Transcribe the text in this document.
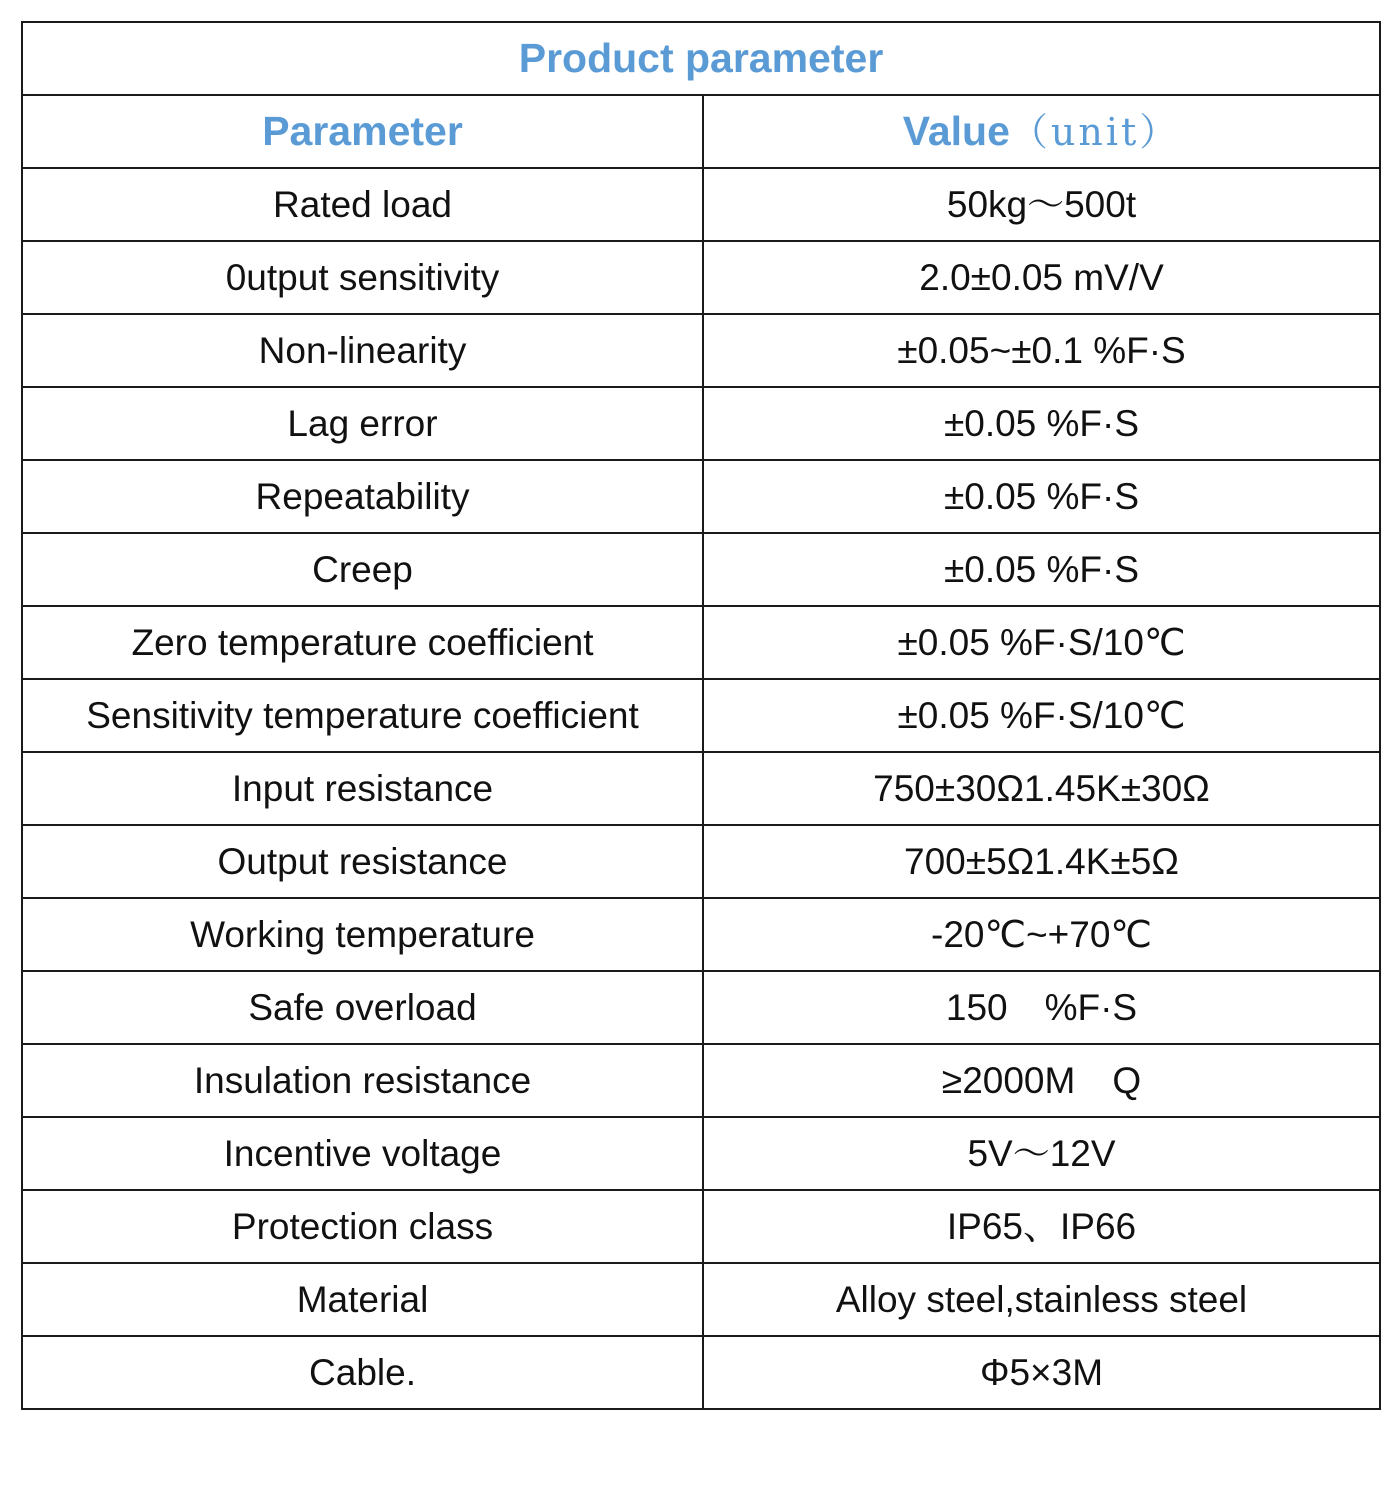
Product parameter	
Parameter	Value（unit）
Rated load	50kg～500t
0utput sensitivity	2.0±0.05 mV/V
Non-linearity	±0.05~±0.1 %F·S
Lag error	±0.05 %F·S
Repeatability	±0.05 %F·S
Creep	±0.05 %F·S
Zero temperature coefficient	±0.05 %F·S/10℃
Sensitivity temperature coefficient	±0.05 %F·S/10℃
Input resistance	750±30Ω1.45K±30Ω
Output resistance	700±5Ω1.4K±5Ω
Working temperature	-20℃~+70℃
Safe overload	150　%F·S
Insulation resistance	≥2000M　Q
Incentive voltage	5V～12V
Protection class	IP65、IP66
Material	Alloy steel,stainless steel
Cable.	Φ5×3M
